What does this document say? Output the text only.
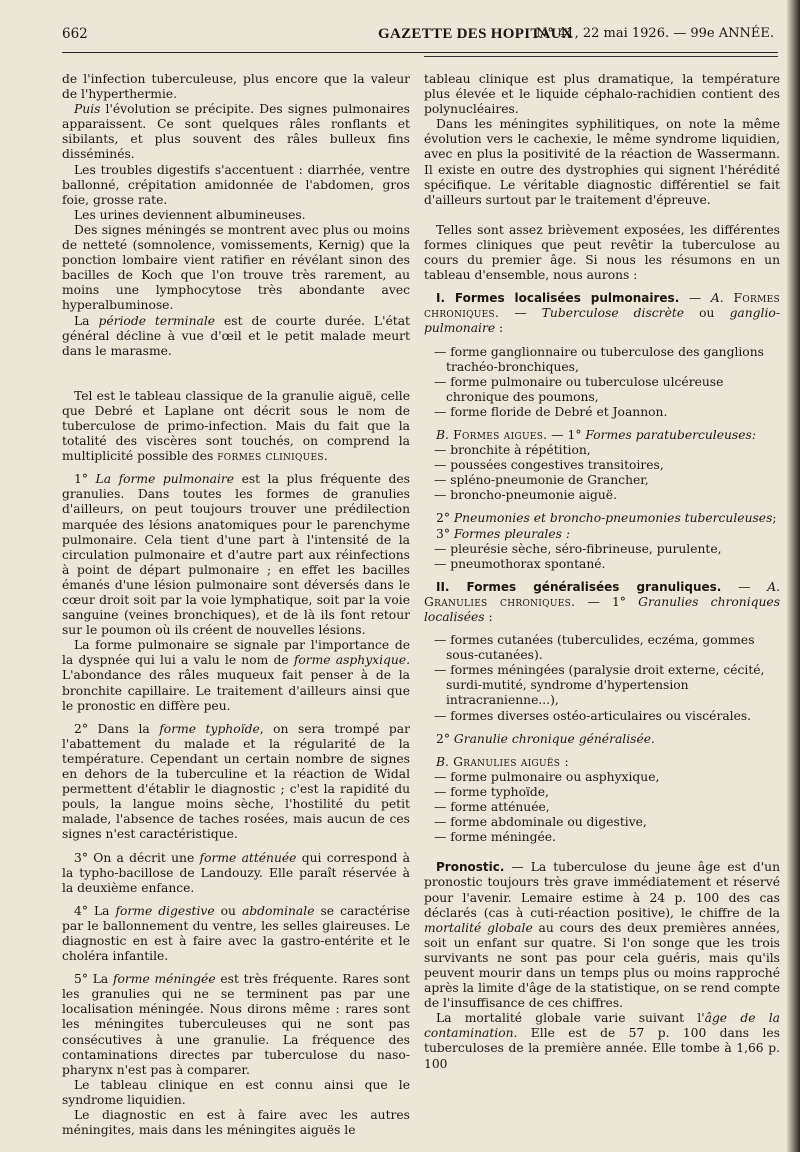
662	GAZETTE DES HOPITAUX
N° 41, 22 mai 1926. — 99e ANNÉE.

de l'infection tuberculeuse, plus encore que la valeur de l'hyperthermie.

Puis l'évolution se précipite. Des signes pulmonaires apparaissent. Ce sont quelques râles ronflants et sibilants, et plus souvent des râles bulleux fins disséminés.

Les troubles digestifs s'accentuent : diarrhée, ventre ballonné, crépitation amidonnée de l'abdomen, gros foie, grosse rate.

Les urines deviennent albumineuses.

Des signes méningés se montrent avec plus ou moins de netteté (somnolence, vomissements, Kernig) que la ponction lombaire vient ratifier en révélant sinon des bacilles de Koch que l'on trouve très rarement, au moins une lymphocytose très abondante avec hyperalbuminose.

La période terminale est de courte durée. L'état général décline à vue d'œil et le petit malade meurt dans le marasme.

Tel est le tableau classique de la granulie aiguë, celle que Debré et Laplane ont décrit sous le nom de tuberculose de primo-infection. Mais du fait que la totalité des viscères sont touchés, on comprend la multiplicité possible des formes cliniques.

1° La forme pulmonaire est la plus fréquente des granulies. Dans toutes les formes de granulies d'ailleurs, on peut toujours trouver une prédilection marquée des lésions anatomiques pour le parenchyme pulmonaire. Cela tient d'une part à l'intensité de la circulation pulmonaire et d'autre part aux réinfections à point de départ pulmonaire ; en effet les bacilles émanés d'une lésion pulmonaire sont déversés dans le cœur droit soit par la voie lymphatique, soit par la voie sanguine (veines bronchiques), et de là ils font retour sur le poumon où ils créent de nouvelles lésions.

La forme pulmonaire se signale par l'importance de la dyspnée qui lui a valu le nom de forme asphyxique. L'abondance des râles muqueux fait penser à de la bronchite capillaire. Le traitement d'ailleurs ainsi que le pronostic en diffère peu.

2° Dans la forme typhoïde, on sera trompé par l'abattement du malade et la régularité de la température. Cependant un certain nombre de signes en dehors de la tuberculine et la réaction de Widal permettent d'établir le diagnostic ; c'est la rapidité du pouls, la langue moins sèche, l'hostilité du petit malade, l'absence de taches rosées, mais aucun de ces signes n'est caractéristique.

3° On a décrit une forme atténuée qui correspond à la typho-bacillose de Landouzy. Elle paraît réservée à la deuxième enfance.

4° La forme digestive ou abdominale se caractérise par le ballonnement du ventre, les selles glaireuses. Le diagnostic en est à faire avec la gastro-entérite et le choléra infantile.

5° La forme méningée est très fréquente. Rares sont les granulies qui ne se terminent pas par une localisation méningée. Nous dirons même : rares sont les méningites tuberculeuses qui ne sont pas consécutives à une granulie. La fréquence des contaminations directes par tuberculose du naso-pharynx n'est pas à comparer.

Le tableau clinique en est connu ainsi que le syndrome liquidien.

Le diagnostic en est à faire avec les autres méningites, mais dans les méningites aiguës le

tableau clinique est plus dramatique, la température plus élevée et le liquide céphalo-rachidien contient des polynucléaires.

Dans les méningites syphilitiques, on note la même évolution vers le cachexie, le même syndrome liquidien, avec en plus la positivité de la réaction de Wassermann. Il existe en outre des dystrophies qui signent l'hérédité spécifique. Le véritable diagnostic différentiel se fait d'ailleurs surtout par le traitement d'épreuve.

Telles sont assez brièvement exposées, les différentes formes cliniques que peut revêtir la tuberculose au cours du premier âge. Si nous les résumons en un tableau d'ensemble, nous aurons :

I. Formes localisées pulmonaires. — A. Formes chroniques. — Tuberculose discrète ou ganglio-pulmonaire :

— forme ganglionnaire ou tuberculose des ganglions trachéo-bronchiques,

— forme pulmonaire ou tuberculose ulcéreuse chronique des poumons,

— forme floride de Debré et Joannon.

B. Formes aigues. — 1° Formes paratuberculeuses:

— bronchite à répétition,

— poussées congestives transitoires,

— spléno-pneumonie de Grancher,

— broncho-pneumonie aiguë.

2° Pneumonies et broncho-pneumonies tuberculeuses;

3° Formes pleurales :

— pleurésie sèche, séro-fibrineuse, purulente,

— pneumothorax spontané.

II. Formes généralisées granuliques. — A. Granulies chroniques. — 1° Granulies chroniques localisées :

— formes cutanées (tuberculides, eczéma, gommes sous-cutanées).

— formes méningées (paralysie droit externe, cécité, surdi-mutité, syndrome d'hypertension intracranienne...),

— formes diverses ostéo-articulaires ou viscérales.

2° Granulie chronique généralisée.

B. Granulies aiguës :

— forme pulmonaire ou asphyxique,

— forme typhoïde,

— forme atténuée,

— forme abdominale ou digestive,

— forme méningée.

Pronostic. — La tuberculose du jeune âge est d'un pronostic toujours très grave immédiatement et réservé pour l'avenir. Lemaire estime à 24 p. 100 des cas déclarés (cas à cuti-réaction positive), le chiffre de la mortalité globale au cours des deux premières années, soit un enfant sur quatre. Si l'on songe que les trois survivants ne sont pas pour cela guéris, mais qu'ils peuvent mourir dans un temps plus ou moins rapproché après la limite d'âge de la statistique, on se rend compte de l'insuffisance de ces chiffres.

La mortalité globale varie suivant l'âge de la contamination. Elle est de 57 p. 100 dans les tuberculoses de la première année. Elle tombe à 1,66 p. 100
